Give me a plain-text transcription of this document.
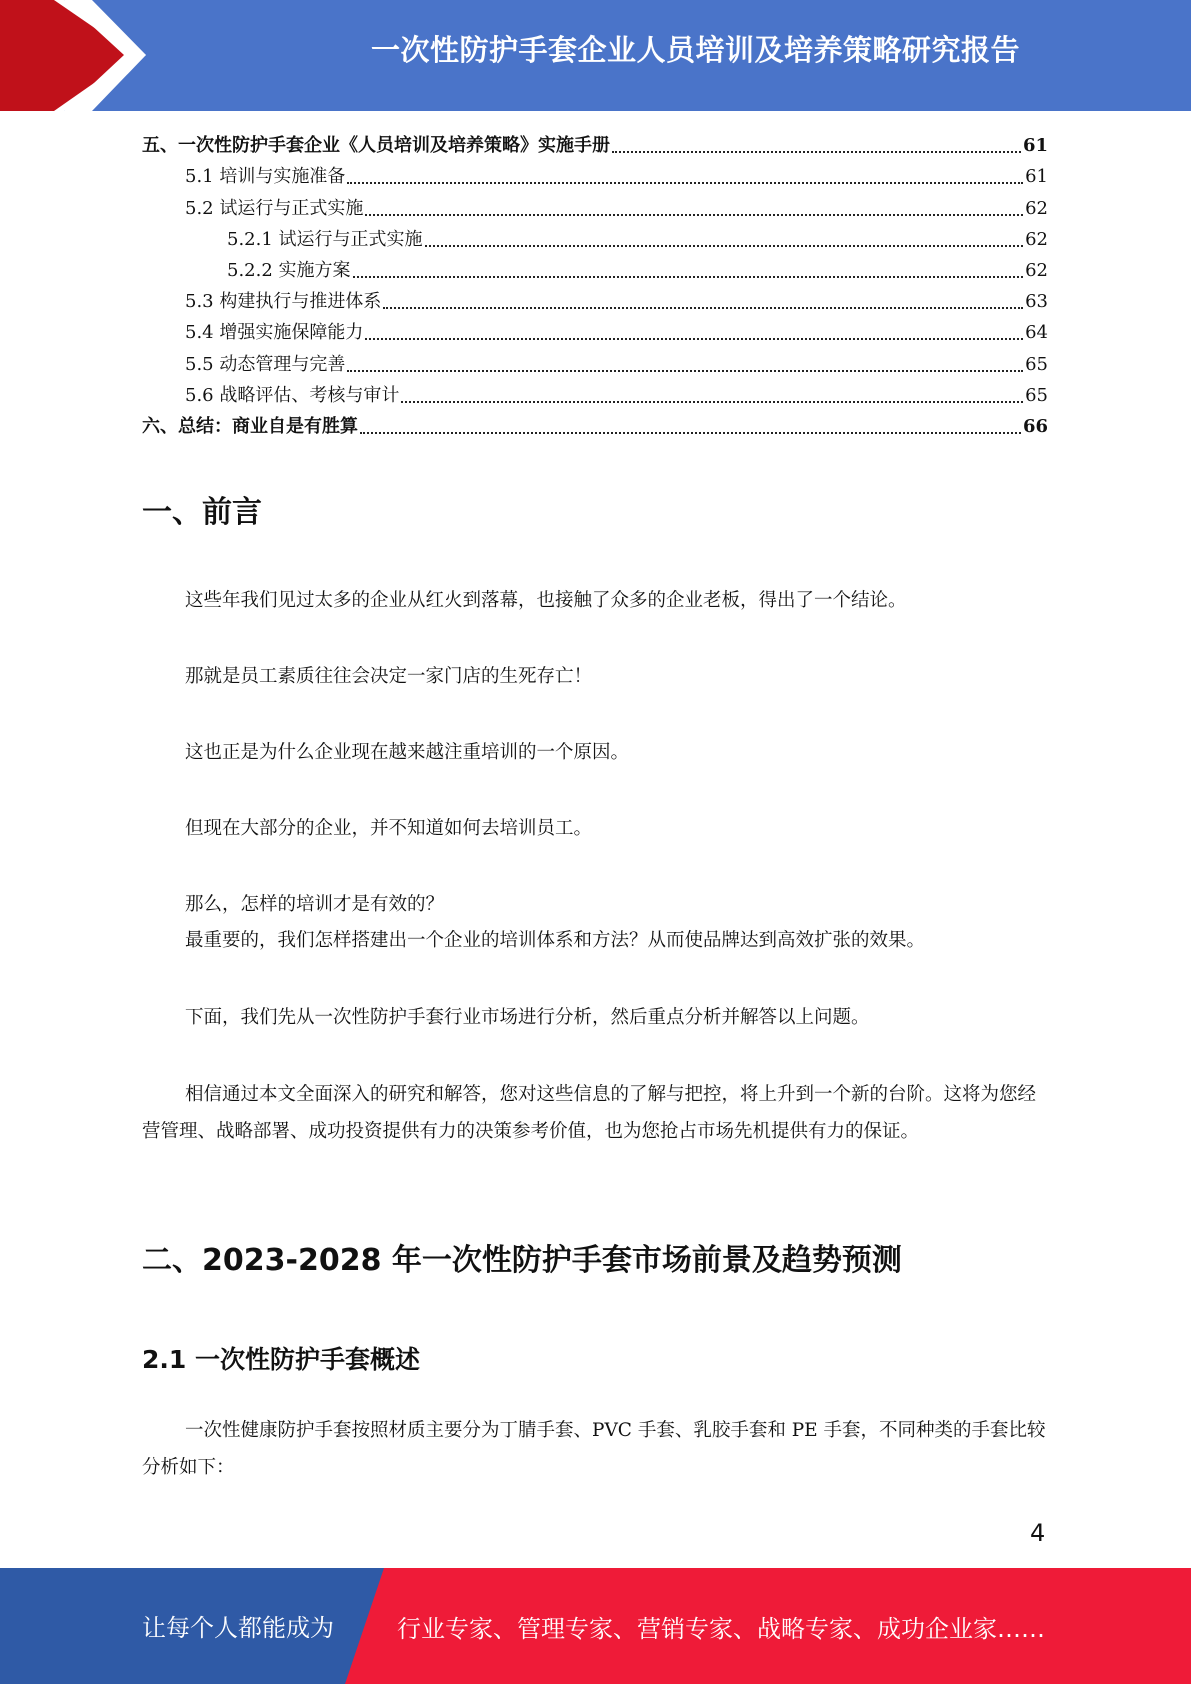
一次性防护手套企业人员培训及培养策略研究报告
五、一次性防护手套企业《人员培训及培养策略》实施手册	61
5.1 培训与实施准备	61
5.2 试运行与正式实施	62
5.2.1 试运行与正式实施	62
5.2.2 实施方案	62
5.3 构建执行与推进体系	63
5.4 增强实施保障能力	64
5.5 动态管理与完善	65
5.6 战略评估、考核与审计	65
六、总结：商业自是有胜算	66
一、前言

这些年我们见过太多的企业从红火到落幕，也接触了众多的企业老板，得出了一个结论。

那就是员工素质往往会决定一家门店的生死存亡！

这也正是为什么企业现在越来越注重培训的一个原因。

但现在大部分的企业，并不知道如何去培训员工。

那么，怎样的培训才是有效的？

最重要的，我们怎样搭建出一个企业的培训体系和方法？从而使品牌达到高效扩张的效果。

下面，我们先从一次性防护手套行业市场进行分析，然后重点分析并解答以上问题。

相信通过本文全面深入的研究和解答，您对这些信息的了解与把控，将上升到一个新的台阶。这将为您经营管理、战略部署、成功投资提供有力的决策参考价值，也为您抢占市场先机提供有力的保证。

二、2023-2028 年一次性防护手套市场前景及趋势预测
2.1 一次性防护手套概述

一次性健康防护手套按照材质主要分为丁腈手套、PVC 手套、乳胶手套和 PE 手套，不同种类的手套比较分析如下：

4
让每个人都能成为	行业专家、管理专家、营销专家、战略专家、成功企业家……
